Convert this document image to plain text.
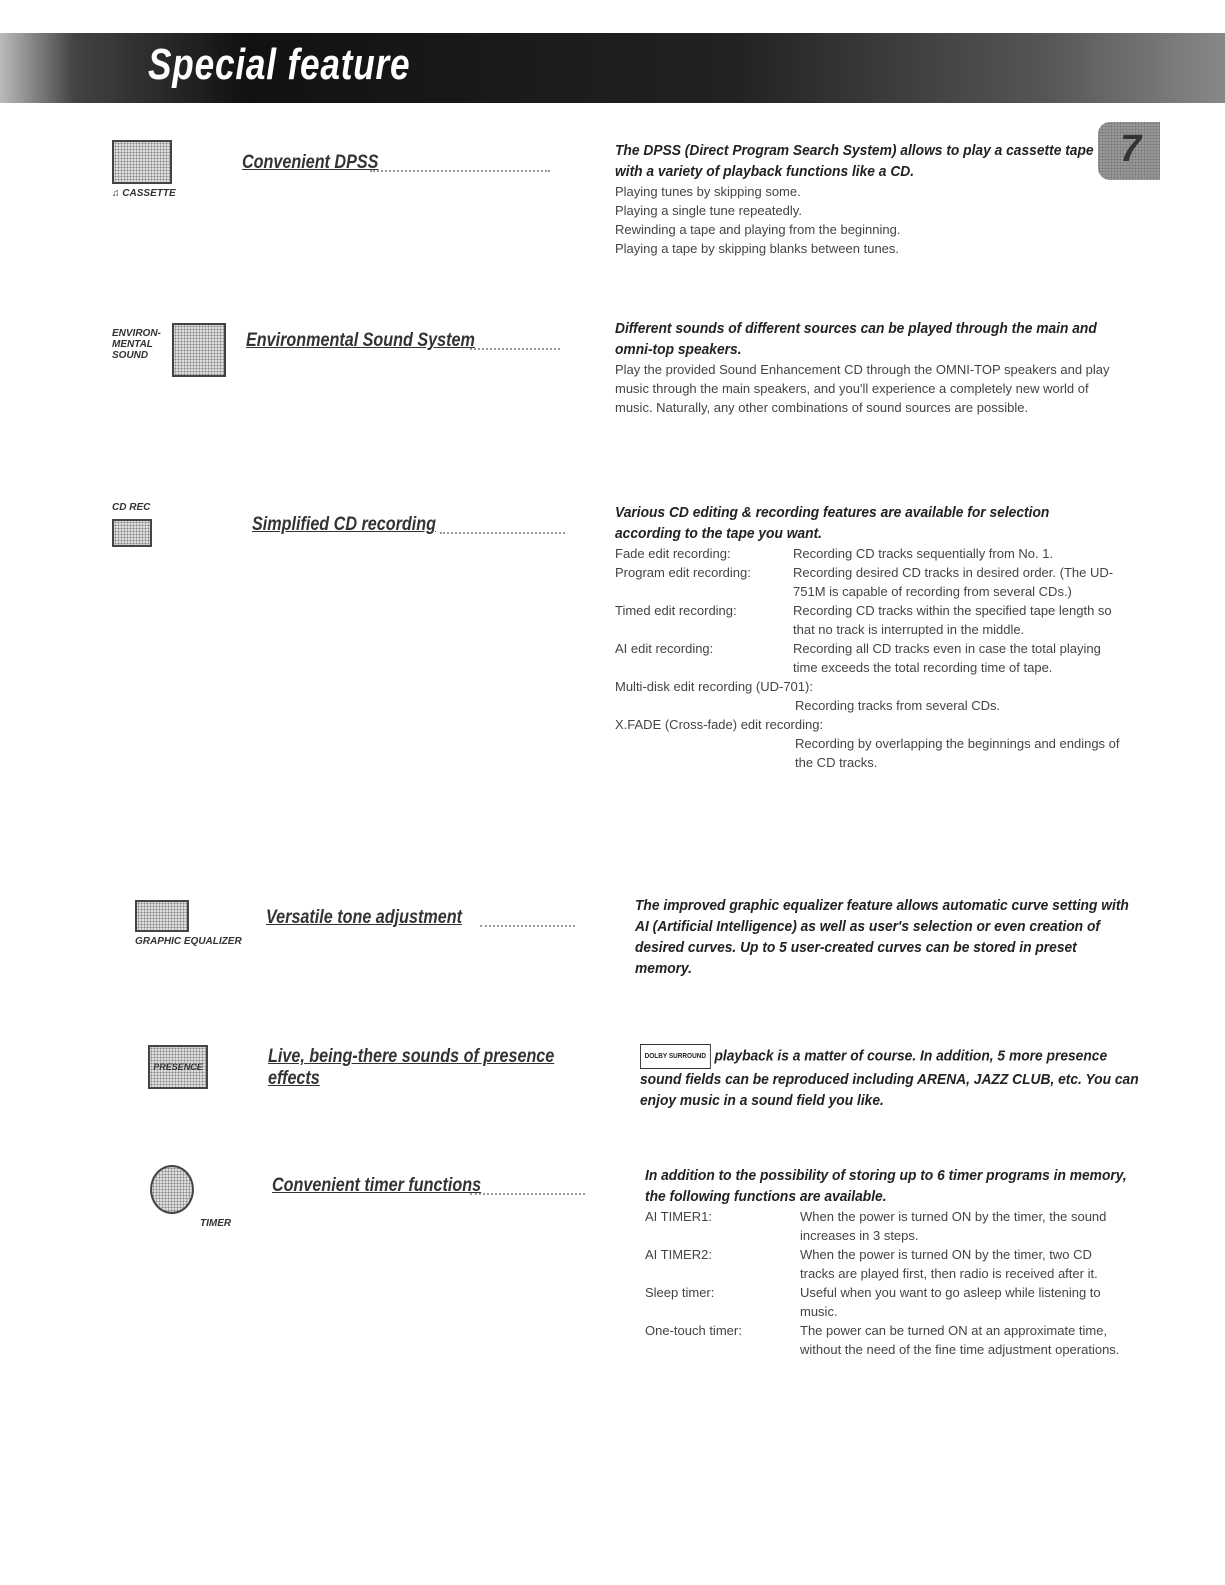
Special feature
7
♫ CASSETTE
Convenient DPSS
The DPSS (Direct Program Search System) allows to play a cassette tape with a variety of playback functions like a CD.
Playing tunes by skipping some.
Playing a single tune repeatedly.
Rewinding a tape and playing from the beginning.
Playing a tape by skipping blanks between tunes.
ENVIRON-MENTAL SOUND
Environmental Sound System
Different sounds of different sources can be played through the main and omni-top speakers.
Play the provided Sound Enhancement CD through the OMNI-TOP speakers and play music through the main speakers, and you'll experience a completely new world of music. Naturally, any other combinations of sound sources are possible.
CD REC
Simplified CD recording
Various CD editing & recording features are available for selection according to the tape you want.
Fade edit recording:	Recording CD tracks sequentially from No. 1.
Program edit recording:	Recording desired CD tracks in desired order. (The UD-751M is capable of recording from several CDs.)
Timed edit recording:	Recording CD tracks within the specified tape length so that no track is interrupted in the middle.
AI edit recording:	Recording all CD tracks even in case the total playing time exceeds the total recording time of tape.
Multi-disk edit recording (UD-701):
Recording tracks from several CDs.
X.FADE (Cross-fade) edit recording:
Recording by overlapping the beginnings and endings of the CD tracks.
GRAPHIC EQUALIZER
Versatile tone adjustment
The improved graphic equalizer feature allows automatic curve setting with AI (Artificial Intelligence) as well as user's selection or even creation of desired curves. Up to 5 user-created curves can be stored in preset memory.
PRESENCE	Live, being-there sounds of presence effects
DOLBY SURROUND playback is a matter of course. In addition, 5 more presence sound fields can be reproduced including ARENA, JAZZ CLUB, etc. You can enjoy music in a sound field you like.
TIMER
Convenient timer functions	In addition to the possibility of storing up to 6 timer programs in memory, the following functions are available.
AI TIMER1:	When the power is turned ON by the timer, the sound increases in 3 steps.
AI TIMER2:	When the power is turned ON by the timer, two CD tracks are played first, then radio is received after it.
Sleep timer:	Useful when you want to go asleep while listening to music.
One-touch timer:	The power can be turned ON at an approximate time, without the need of the fine time adjustment operations.
